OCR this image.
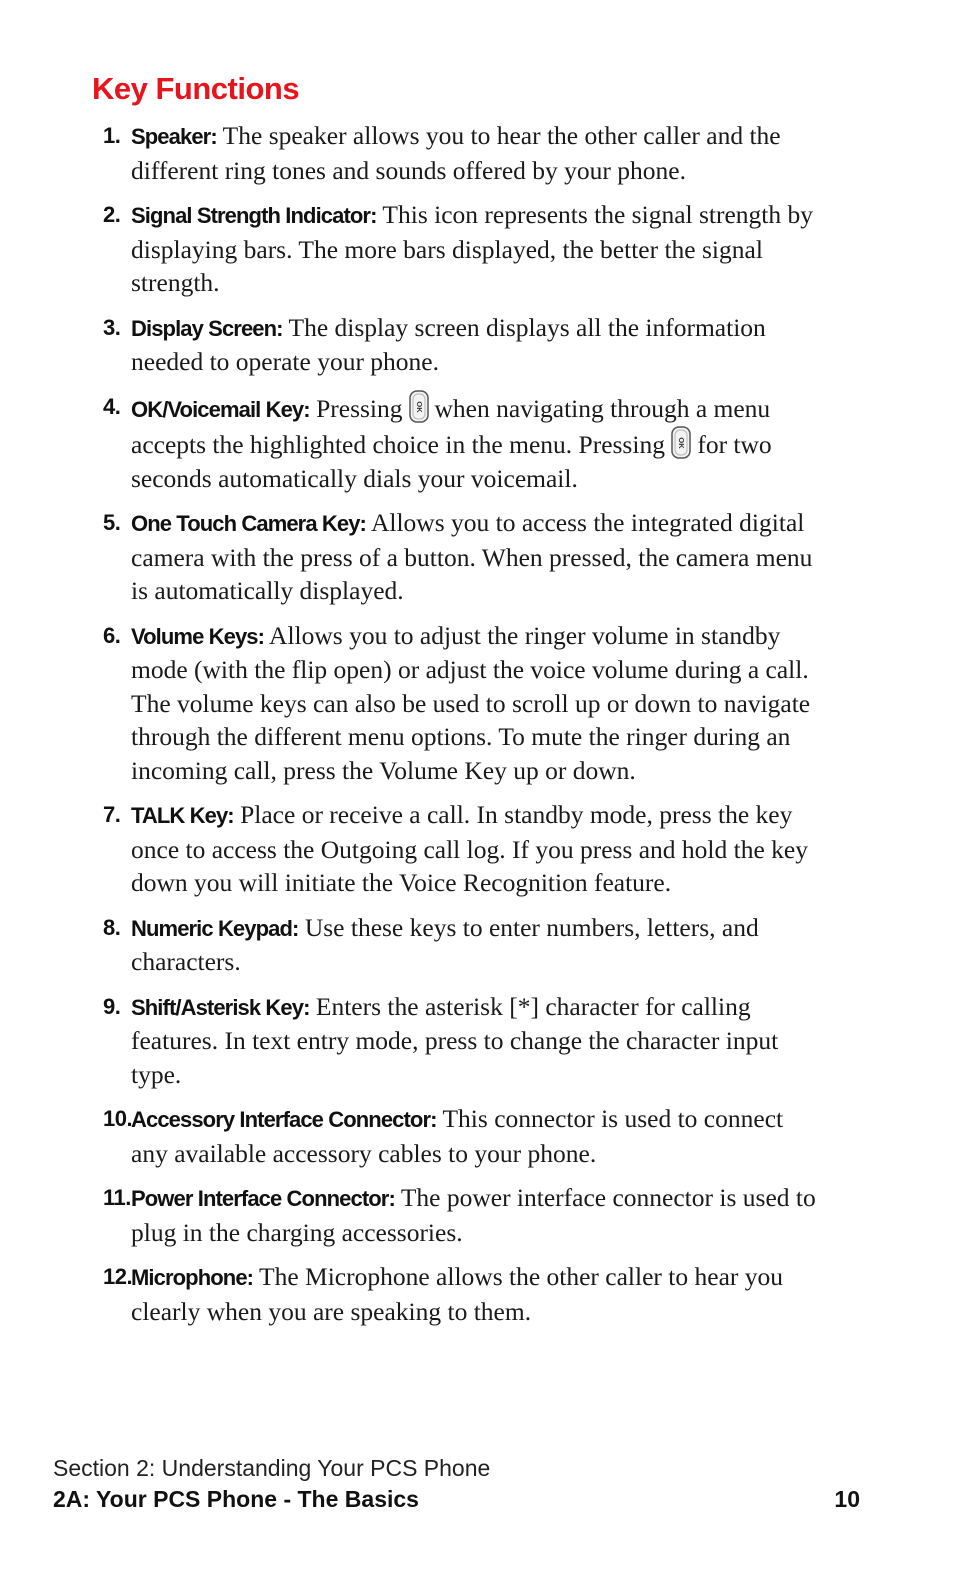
Key Functions
1. Speaker: The speaker allows you to hear the other caller and the different ring tones and sounds offered by your phone.
2. Signal Strength Indicator: This icon represents the signal strength by displaying bars. The more bars displayed, the better the signal strength.
3. Display Screen: The display screen displays all the information needed to operate your phone.
4. OK/Voicemail Key: Pressing OK when navigating through a menu accepts the highlighted choice in the menu. Pressing OK for two seconds automatically dials your voicemail.
5. One Touch Camera Key: Allows you to access the integrated digital camera with the press of a button. When pressed, the camera menu is automatically displayed.
6. Volume Keys: Allows you to adjust the ringer volume in standby mode (with the flip open) or adjust the voice volume during a call. The volume keys can also be used to scroll up or down to navigate through the different menu options. To mute the ringer during an incoming call, press the Volume Key up or down.
7. TALK Key: Place or receive a call. In standby mode, press the key once to access the Outgoing call log. If you press and hold the key down you will initiate the Voice Recognition feature.
8. Numeric Keypad: Use these keys to enter numbers, letters, and characters.
9. Shift/Asterisk Key: Enters the asterisk [*] character for calling features. In text entry mode, press to change the character input type.
10.
Accessory Interface Connector: This connector is used to connect any available accessory cables to your phone.
11. Power Interface Connector: The power interface connector is used to plug in the charging accessories.
12.
Microphone: The Microphone allows the other caller to hear you clearly when you are speaking to them.
Section 2: Understanding Your PCS Phone
2A: Your PCS Phone - The Basics	10
